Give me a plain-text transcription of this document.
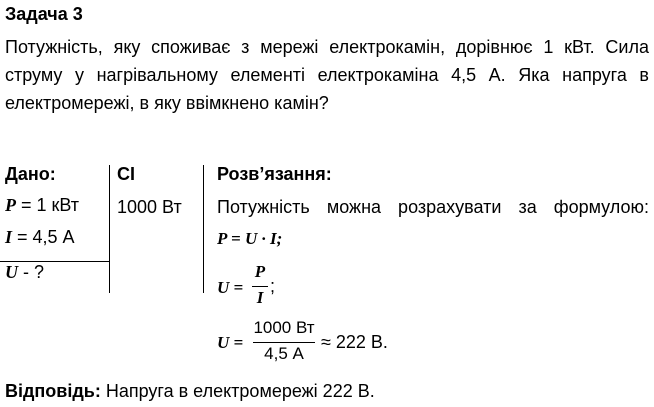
Задача 3
Потужність, яку споживає з мережі електрокамін, дорівнює 1 кВт. Сила
струму у нагрівальному елементі електрокаміна 4,5 А. Яка напруга в
електромережі, в яку ввімкнено камін?
Дано:
P = 1 кВт
I = 4,5 А
U - ?
СІ
1000 Вт
Розв’язання:
Потужність можна розрахувати за формулою:
P = U · I;
U =
P
I
;
U =
1000 Вт
4,5 А
≈ 222 В.
Відповідь: Напруга в електромережі 222 В.
